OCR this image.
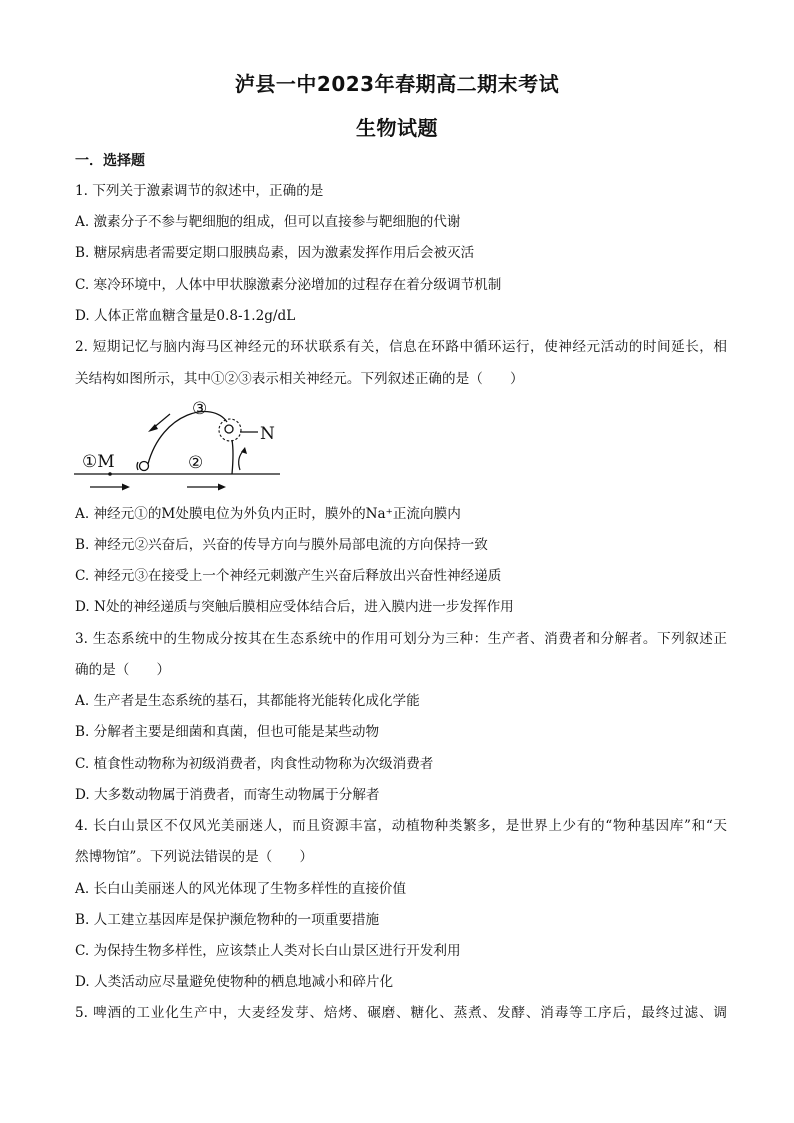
泸县一中2023年春期高二期末考试
生物试题
一．选择题
1. 下列关于激素调节的叙述中，正确的是
A. 激素分子不参与靶细胞的组成，但可以直接参与靶细胞的代谢
B. 糖尿病患者需要定期口服胰岛素，因为激素发挥作用后会被灭活
C. 寒冷环境中，人体中甲状腺激素分泌增加的过程存在着分级调节机制
D. 人体正常血糖含量是0.8-1.2g/dL
2. 短期记忆与脑内海马区神经元的环状联系有关，信息在环路中循环运行，使神经元活动的时间延长，相
关结构如图所示，其中①②③表示相关神经元。下列叙述正确的是（　　）
①M	②
③
N
A. 神经元①的M处膜电位为外负内正时，膜外的Na⁺正流向膜内
B. 神经元②兴奋后，兴奋的传导方向与膜外局部电流的方向保持一致
C. 神经元③在接受上一个神经元刺激产生兴奋后释放出兴奋性神经递质
D. N处的神经递质与突触后膜相应受体结合后，进入膜内进一步发挥作用
3. 生态系统中的生物成分按其在生态系统中的作用可划分为三种：生产者、消费者和分解者。下列叙述正
确的是（　　）
A. 生产者是生态系统的基石，其都能将光能转化成化学能
B. 分解者主要是细菌和真菌，但也可能是某些动物
C. 植食性动物称为初级消费者，肉食性动物称为次级消费者
D. 大多数动物属于消费者，而寄生动物属于分解者
4. 长白山景区不仅风光美丽迷人，而且资源丰富，动植物种类繁多，是世界上少有的“物种基因库”和“天
然博物馆”。下列说法错误的是（　　）
A. 长白山美丽迷人的风光体现了生物多样性的直接价值
B. 人工建立基因库是保护濒危物种的一项重要措施
C. 为保持生物多样性，应该禁止人类对长白山景区进行开发利用
D. 人类活动应尽量避免使物种的栖息地减小和碎片化
5. 啤酒的工业化生产中，大麦经发芽、焙烤、碾磨、糖化、蒸煮、发酵、消毒等工序后，最终过滤、调
